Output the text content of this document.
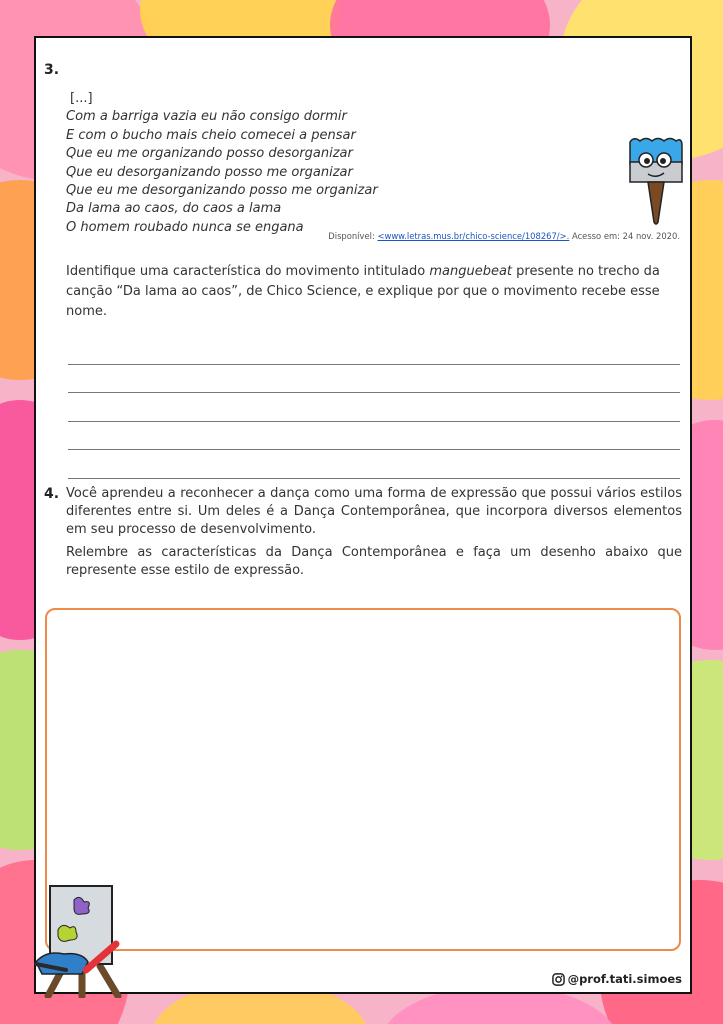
3.
[...]
Com a barriga vazia eu não consigo dormir
E com o bucho mais cheio comecei a pensar
Que eu me organizando posso desorganizar
Que eu desorganizando posso me organizar
Que eu me desorganizando posso me organizar
Da lama ao caos, do caos a lama
O homem roubado nunca se engana
Disponível: <www.letras.mus.br/chico-science/108267/>. Acesso em: 24 nov. 2020.
Identifique uma característica do movimento intitulado manguebeat presente no trecho da canção “Da lama ao caos”, de Chico Science, e explique por que o movimento recebe esse nome.
4. Você aprendeu a reconhecer a dança como uma forma de expressão que possui vários estilos diferentes entre si. Um deles é a Dança Contemporânea, que incorpora diversos elementos em seu processo de desenvolvimento.
Relembre as características da Dança Contemporânea e faça um desenho abaixo que represente esse estilo de expressão.
@prof.tati.simoes
